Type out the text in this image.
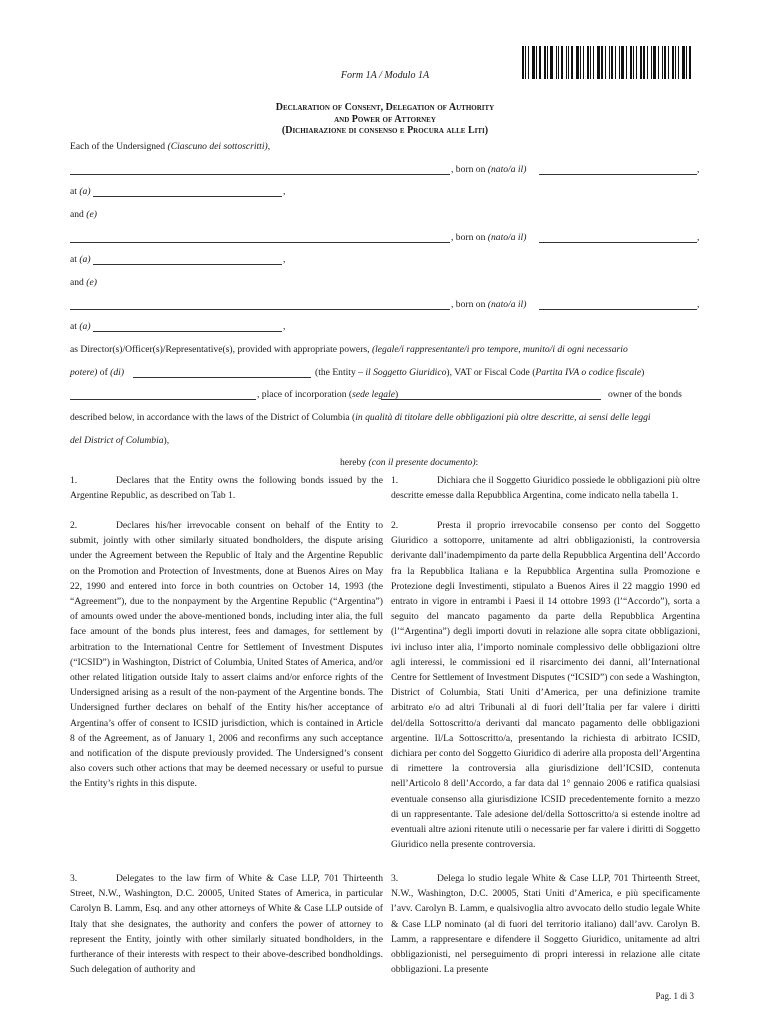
Form 1A / Modulo 1A
Declaration of Consent, Delegation of Authority
and Power of Attorney
(Dichiarazione di consenso e Procura alle Liti)
Each of the Undersigned (Ciascuno dei sottoscritti),
, born on (nato/a il)	,
at (a)	,
and (e)
, born on (nato/a il)	,
at (a)	,
and (e)
, born on (nato/a il)	,
at (a)	,
as Director(s)/Officer(s)/Representative(s), provided with appropriate powers, (legale/i rappresentante/i pro tempore, munito/i di ogni necessario
potere) of (di)	(the Entity – il Soggetto Giuridico), VAT or Fiscal Code (Partita IVA o codice fiscale)
, place of incorporation (sede legale)	owner of the bonds
described below, in accordance with the laws of the District of Columbia (in qualità di titolare delle obbligazioni più oltre descritte, ai sensi delle leggi
del District of Columbia),
hereby (con il presente documento):

1.	Declares that the Entity owns the following bonds issued by the Argentine Republic, as described on Tab 1.

2.	Declares his/her irrevocable consent on behalf of the Entity to submit, jointly with other similarly situated bondholders, the dispute arising under the Agreement between the Republic of Italy and the Argentine Republic on the Promotion and Protection of Investments, done at Buenos Aires on May 22, 1990 and entered into force in both countries on October 14, 1993 (the “Agreement”), due to the nonpayment by the Argentine Republic (“Argentina”) of amounts owed under the above-mentioned bonds, including inter alia, the full face amount of the bonds plus interest, fees and damages, for settlement by arbitration to the International Centre for Settlement of Investment Disputes (“ICSID”) in Washington, District of Columbia, United States of America, and/or other related litigation outside Italy to assert claims and/or enforce rights of the Undersigned arising as a result of the non-payment of the Argentine bonds. The Undersigned further declares on behalf of the Entity his/her acceptance of Argentina’s offer of consent to ICSID jurisdiction, which is contained in Article 8 of the Agreement, as of January 1, 2006 and reconfirms any such acceptance and notification of the dispute previously provided. The Undersigned’s consent also covers such other actions that may be deemed necessary or useful to pursue the Entity’s rights in this dispute.

3.	Delegates to the law firm of White & Case LLP, 701 Thirteenth Street, N.W., Washington, D.C. 20005, United States of America, in particular Carolyn B. Lamm, Esq. and any other attorneys of White & Case LLP outside of Italy that she designates, the authority and confers the power of attorney to represent the Entity, jointly with other similarly situated bondholders, in the furtherance of their interests with respect to their above-described bondholdings. Such delegation of authority and

1.	Dichiara che il Soggetto Giuridico possiede le obbligazioni più oltre descritte emesse dalla Repubblica Argentina, come indicato nella tabella 1.

2.	Presta il proprio irrevocabile consenso per conto del Soggetto Giuridico a sottoporre, unitamente ad altri obbligazionisti, la controversia derivante dall’inadempimento da parte della Repubblica Argentina dell’Accordo fra la Repubblica Italiana e la Repubblica Argentina sulla Promozione e Protezione degli Investimenti, stipulato a Buenos Aires il 22 maggio 1990 ed entrato in vigore in entrambi i Paesi il 14 ottobre 1993 (l’“Accordo”), sorta a seguito del mancato pagamento da parte della Repubblica Argentina (l’“Argentina”) degli importi dovuti in relazione alle sopra citate obbligazioni, ivi incluso inter alia, l’importo nominale complessivo delle obbligazioni oltre agli interessi, le commissioni ed il risarcimento dei danni, all’International Centre for Settlement of Investment Disputes (“ICSID”) con sede a Washington, District of Columbia, Stati Uniti d’America, per una definizione tramite arbitrato e/o ad altri Tribunali al di fuori dell’Italia per far valere i diritti del/della Sottoscritto/a derivanti dal mancato pagamento delle obbligazioni argentine. Il/La Sottoscritto/a, presentando la richiesta di arbitrato ICSID, dichiara per conto del Soggetto Giuridico di aderire alla proposta dell’Argentina di rimettere la controversia alla giurisdizione dell’ICSID, contenuta nell’Articolo 8 dell’Accordo, a far data dal 1° gennaio 2006 e ratifica qualsiasi eventuale consenso alla giurisdizione ICSID precedentemente fornito a mezzo di un rappresentante. Tale adesione del/della Sottoscritto/a si estende inoltre ad eventuali altre azioni ritenute utili o necessarie per far valere i diritti di Soggetto Giuridico nella presente controversia.

3.	Delega lo studio legale White & Case LLP, 701 Thirteenth Street, N.W., Washington, D.C. 20005, Stati Uniti d’America, e più specificamente l’avv. Carolyn B. Lamm, e qualsivoglia altro avvocato dello studio legale White & Case LLP nominato (al di fuori del territorio italiano) dall’avv. Carolyn B. Lamm, a rappresentare e difendere il Soggetto Giuridico, unitamente ad altri obbligazionisti, nel perseguimento di propri interessi in relazione alle citate obbligazioni. La presente

Pag. 1 di 3
